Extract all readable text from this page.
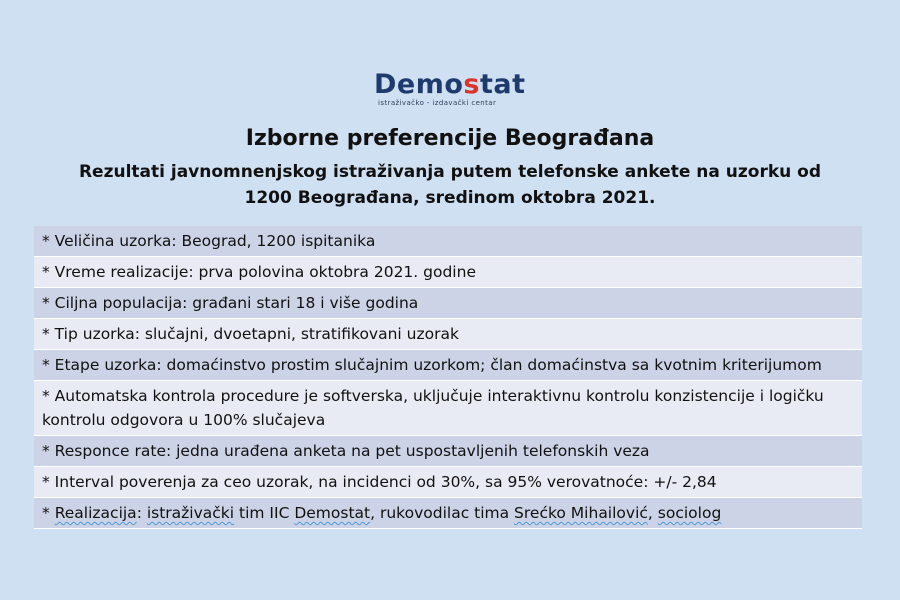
Demostat
istraživačko - izdavački centar
Izborne preferencije Beograđana
Rezultati javnomnenjskog istraživanja putem telefonske ankete na uzorku od 1200 Beograđana, sredinom oktobra 2021.
* Veličina uzorka: Beograd, 1200 ispitanika
* Vreme realizacije: prva polovina oktobra 2021. godine
* Ciljna populacija: građani stari 18 i više godina
* Tip uzorka: slučajni, dvoetapni, stratifikovani uzorak
* Etape uzorka: domaćinstvo prostim slučajnim uzorkom; član domaćinstva sa kvotnim kriterijumom
* Automatska kontrola procedure je softverska, uključuje interaktivnu kontrolu konzistencije i logičku kontrolu odgovora u 100% slučajeva
* Responce rate: jedna urađena anketa na pet uspostavljenih telefonskih veza
* Interval poverenja za ceo uzorak, na incidenci od 30%, sa 95% verovatnoće: +/- 2,84
* Realizacija: istraživački tim IIC Demostat, rukovodilac tima Srećko Mihailović, sociolog
